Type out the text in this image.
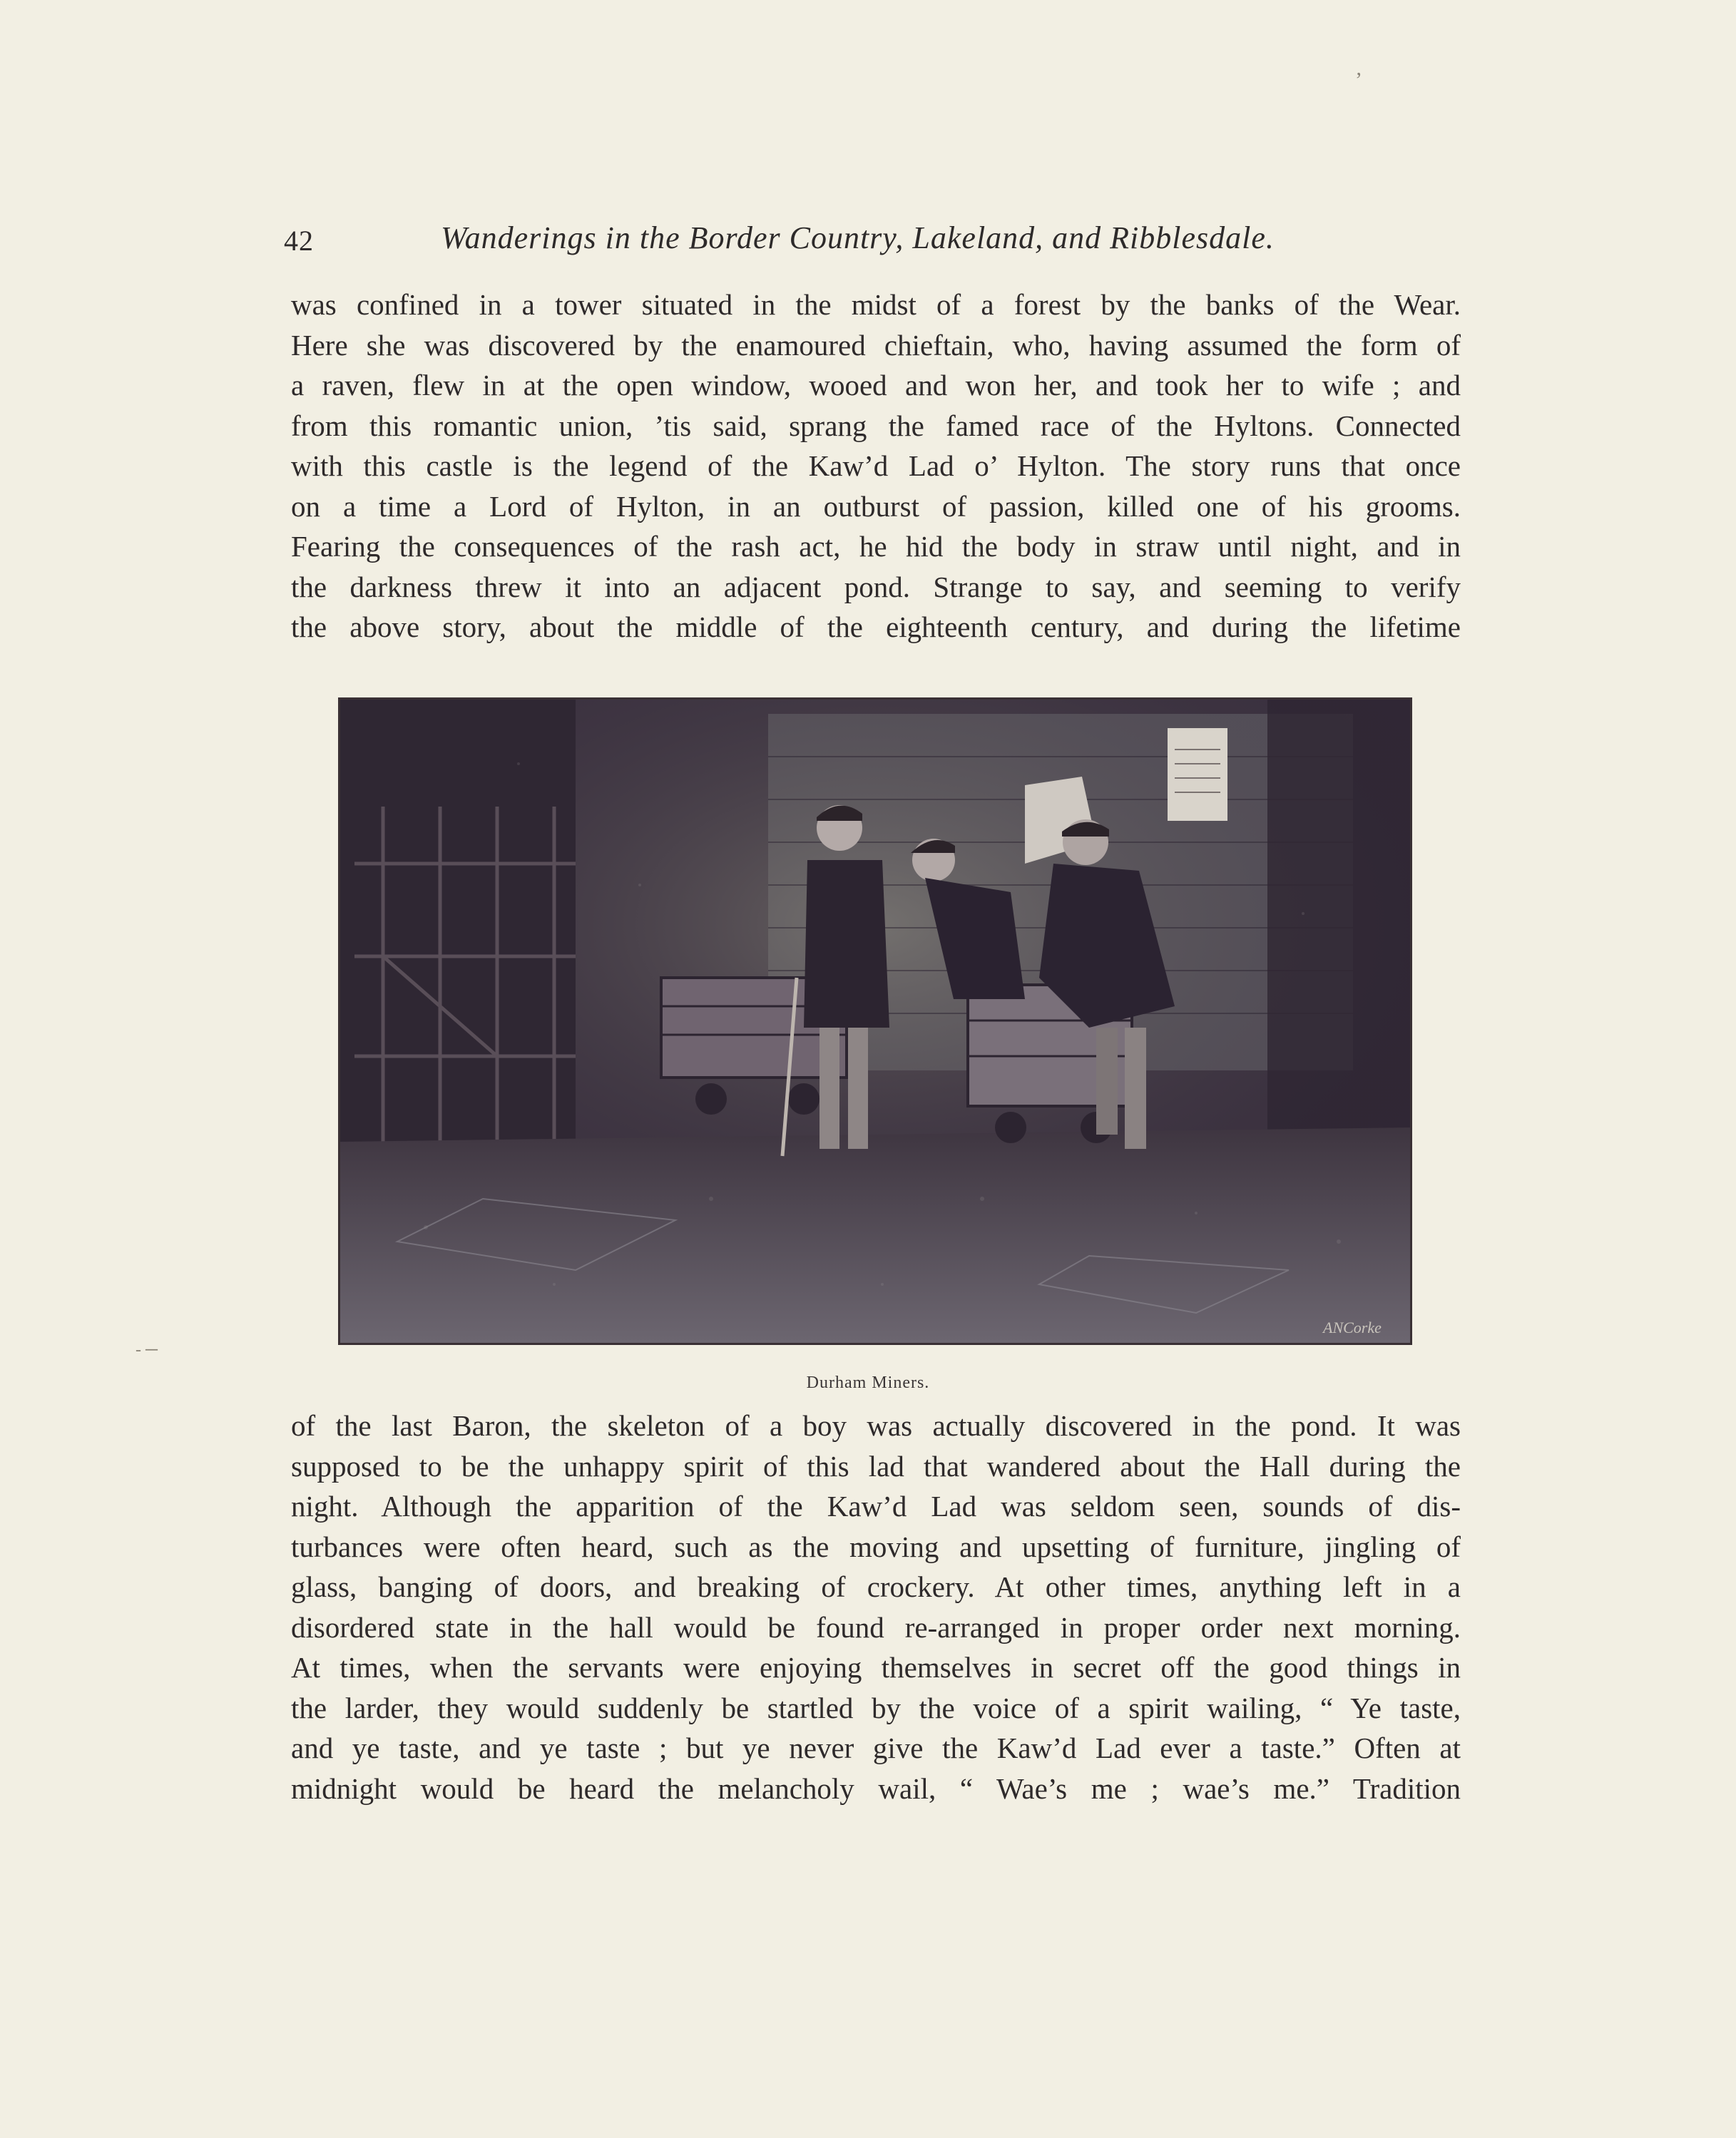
ʼ
42	Wanderings in the Border Country, Lakeland, and Ribblesdale.
was confined in a tower situated in the midst of a forest by the banks of the Wear.
Here she was discovered by the enamoured chieftain, who, having assumed the form of
a raven, flew in at the open window, wooed and won her, and took her to wife ; and
from this romantic union, ’tis said, sprang the famed race of the Hyltons. Connected
with this castle is the legend of the Kaw’d Lad o’ Hylton. The story runs that once
on a time a Lord of Hylton, in an outburst of passion, killed one of his grooms.
Fearing the consequences of the rash act, he hid the body in straw until night, and in
the darkness threw it into an adjacent pond. Strange to say, and seeming to verify
the above story, about the middle of the eighteenth century, and during the lifetime
ANCorke
Durham Miners.
- ─
of the last Baron, the skeleton of a boy was actually discovered in the pond. It was
supposed to be the unhappy spirit of this lad that wandered about the Hall during the
night. Although the apparition of the Kaw’d Lad was seldom seen, sounds of dis-
turbances were often heard, such as the moving and upsetting of furniture, jingling of
glass, banging of doors, and breaking of crockery. At other times, anything left in a
disordered state in the hall would be found re-arranged in proper order next morning.
At times, when the servants were enjoying themselves in secret off the good things in
the larder, they would suddenly be startled by the voice of a spirit wailing, “ Ye taste,
and ye taste, and ye taste ; but ye never give the Kaw’d Lad ever a taste.” Often at
midnight would be heard the melancholy wail, “ Wae’s me ; wae’s me.” Tradition
